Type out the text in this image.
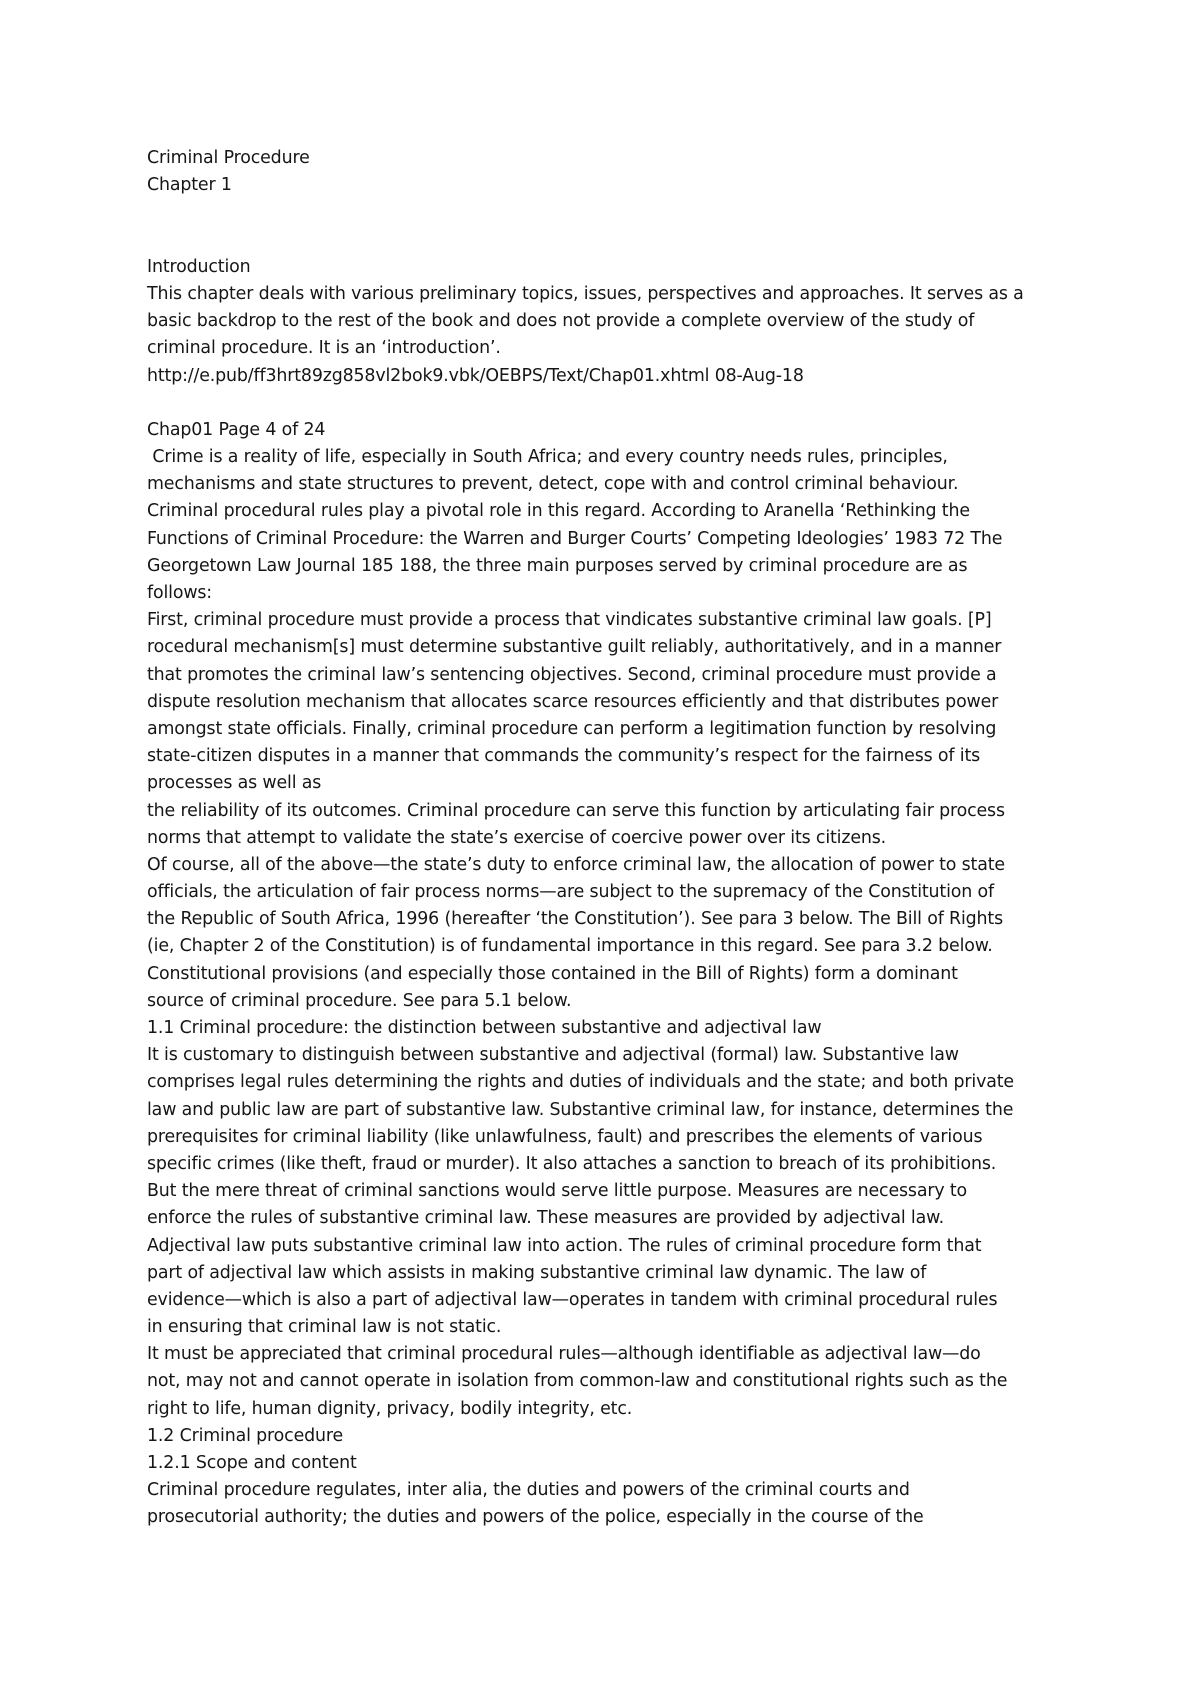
Criminal Procedure
Chapter 1
Introduction
This chapter deals with various preliminary topics, issues, perspectives and approaches. It serves as a
basic backdrop to the rest of the book and does not provide a complete overview of the study of
criminal procedure. It is an ‘introduction’.
http://e.pub/ff3hrt89zg858vl2bok9.vbk/OEBPS/Text/Chap01.xhtml 08-Aug-18
Chap01 Page 4 of 24
Crime is a reality of life, especially in South Africa; and every country needs rules, principles,
mechanisms and state structures to prevent, detect, cope with and control criminal behaviour.
Criminal procedural rules play a pivotal role in this regard. According to Aranella ‘Rethinking the
Functions of Criminal Procedure: the Warren and Burger Courts’ Competing Ideologies’ 1983 72 The
Georgetown Law Journal 185 188, the three main purposes served by criminal procedure are as
follows:
First, criminal procedure must provide a process that vindicates substantive criminal law goals. [P]
rocedural mechanism[s] must determine substantive guilt reliably, authoritatively, and in a manner
that promotes the criminal law’s sentencing objectives. Second, criminal procedure must provide a
dispute resolution mechanism that allocates scarce resources efficiently and that distributes power
amongst state officials. Finally, criminal procedure can perform a legitimation function by resolving
state-citizen disputes in a manner that commands the community’s respect for the fairness of its
processes as well as
the reliability of its outcomes. Criminal procedure can serve this function by articulating fair process
norms that attempt to validate the state’s exercise of coercive power over its citizens.
Of course, all of the above—the state’s duty to enforce criminal law, the allocation of power to state
officials, the articulation of fair process norms—are subject to the supremacy of the Constitution of
the Republic of South Africa, 1996 (hereafter ‘the Constitution’). See para 3 below. The Bill of Rights
(ie, Chapter 2 of the Constitution) is of fundamental importance in this regard. See para 3.2 below.
Constitutional provisions (and especially those contained in the Bill of Rights) form a dominant
source of criminal procedure. See para 5.1 below.
1.1 Criminal procedure: the distinction between substantive and adjectival law
It is customary to distinguish between substantive and adjectival (formal) law. Substantive law
comprises legal rules determining the rights and duties of individuals and the state; and both private
law and public law are part of substantive law. Substantive criminal law, for instance, determines the
prerequisites for criminal liability (like unlawfulness, fault) and prescribes the elements of various
specific crimes (like theft, fraud or murder). It also attaches a sanction to breach of its prohibitions.
But the mere threat of criminal sanctions would serve little purpose. Measures are necessary to
enforce the rules of substantive criminal law. These measures are provided by adjectival law.
Adjectival law puts substantive criminal law into action. The rules of criminal procedure form that
part of adjectival law which assists in making substantive criminal law dynamic. The law of
evidence—which is also a part of adjectival law—operates in tandem with criminal procedural rules
in ensuring that criminal law is not static.
It must be appreciated that criminal procedural rules—although identifiable as adjectival law—do
not, may not and cannot operate in isolation from common-law and constitutional rights such as the
right to life, human dignity, privacy, bodily integrity, etc.
1.2 Criminal procedure
1.2.1 Scope and content
Criminal procedure regulates, inter alia, the duties and powers of the criminal courts and
prosecutorial authority; the duties and powers of the police, especially in the course of the
